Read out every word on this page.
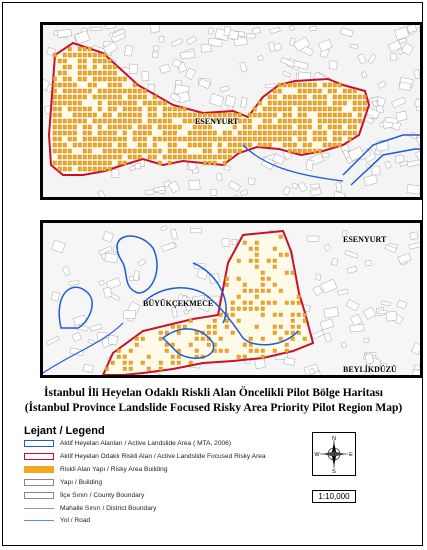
ESENYURT
ESENYURT
BÜYÜKÇEKMECE
BEYLİKDÜZÜ
İstanbul İli Heyelan Odaklı Riskli Alan Öncelikli Pilot Bölge Haritası
(İstanbul Province Landslide Focused Risky Area Priority Pilot Region Map)
Lejant / Legend
Aktif Heyelan Alanları / Active Landslide Area ( MTA, 2006)
Aktif Heyelan Odaklı Riskli Alan / Active Landslide Focused Risky Area
Riskli Alan Yapı / Risky Area Building
Yapı / Building
İlçe Sınırı / County Boundary
Mahalle Sınırı / District Boundary
Yol / Road
N
S
E
W
1:10,000
